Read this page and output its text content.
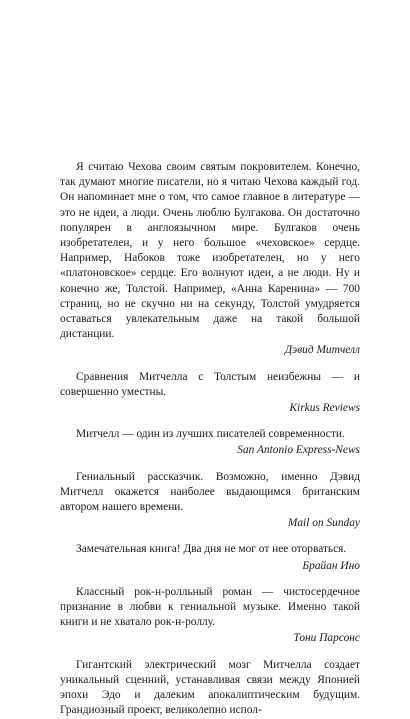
Я считаю Чехова своим святым покровителем. Конечно, так думают многие писатели, но я читаю Чехова каждый год. Он напоминает мне о том, что самое главное в литературе — это не идеи, а люди. Очень люблю Булгакова. Он достаточно популярен в англоязычном мире. Булгаков очень изобретателен, и у него большое «чеховское» сердце. Например, Набоков тоже изобретателен, но у него «платоновское» сердце. Его волнуют идеи, а не люди. Ну и конечно же, Толстой. Например, «Анна Каренина» — 700 страниц, но не скучно ни на секунду, Толстой умудряется оставаться увлекательным даже на такой большой дистанции.

Дэвид Митчелл

Сравнения Митчелла с Толстым неизбежны — и совершенно уместны.

Kirkus Reviews

Митчелл — один из лучших писателей современности.

San Antonio Express-News

Гениальный рассказчик. Возможно, именно Дэвид Митчелл окажется наиболее выдающимся британским автором нашего времени.

Mail on Sunday

Замечательная книга! Два дня не мог от нее оторваться.

Брайан Ино

Классный рок-н-ролльный роман — чистосердечное признание в любви к гениальной музыке. Именно такой книги и не хватало рок-н-роллу.

Тони Парсонс

Гигантский электрический мозг Митчелла создает уникальный сценний, устанавливая связи между Японией эпохи Эдо и далеким апокалиптическим будущим. Грандиозный проект, великолепно испол-
